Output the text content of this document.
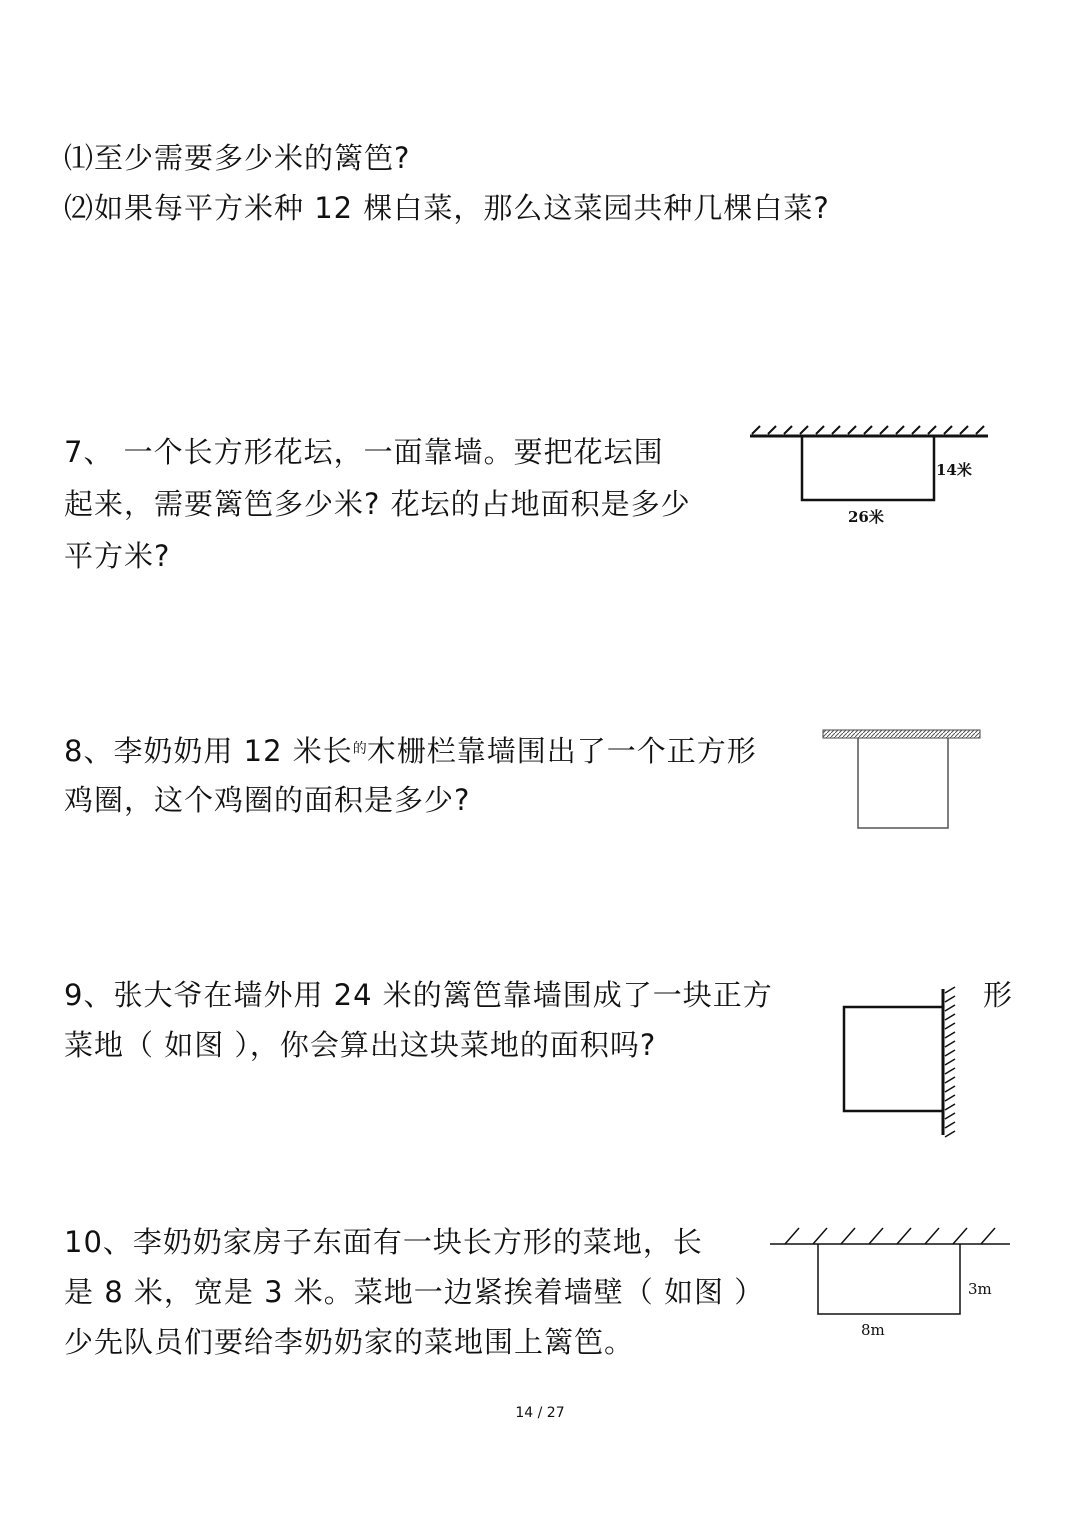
⑴至少需要多少米的篱笆?
⑵如果每平方米种 12 棵白菜，那么这菜园共种几棵白菜?
7、 一个长方形花坛，一面靠墙。要把花坛围
起来，需要篱笆多少米? 花坛的占地面积是多少
平方米?
14米
26米
8、李奶奶用 12 米长$^的$木栅栏靠墙围出了一个正方形
鸡圈，这个鸡圈的面积是多少?
9、张大爷在墙外用 24 米的篱笆靠墙围成了一块正方	形
菜地（ 如图 ），你会算出这块菜地的面积吗?
10、李奶奶家房子东面有一块长方形的菜地，长
是 8 米，宽是 3 米。菜地一边紧挨着墙壁（ 如图 ）
少先队员们要给李奶奶家的菜地围上篱笆。
3m
8m
14 / 27
